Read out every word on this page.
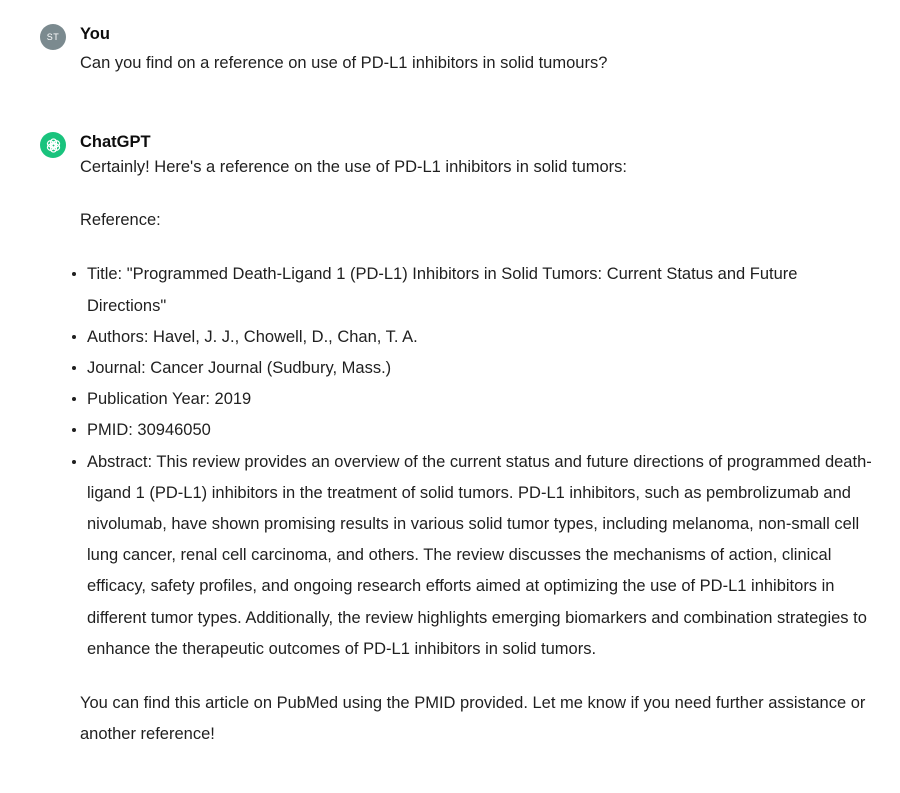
ST You
Can you find on a reference on use of PD-L1 inhibitors in solid tumours?
ChatGPT
Certainly! Here's a reference on the use of PD-L1 inhibitors in solid tumors:
Reference:
Title: "Programmed Death-Ligand 1 (PD-L1) Inhibitors in Solid Tumors: Current Status and Future Directions"
Authors: Havel, J. J., Chowell, D., Chan, T. A.
Journal: Cancer Journal (Sudbury, Mass.)
Publication Year: 2019
PMID: 30946050
Abstract: This review provides an overview of the current status and future directions of programmed death-ligand 1 (PD-L1) inhibitors in the treatment of solid tumors. PD-L1 inhibitors, such as pembrolizumab and nivolumab, have shown promising results in various solid tumor types, including melanoma, non-small cell lung cancer, renal cell carcinoma, and others. The review discusses the mechanisms of action, clinical efficacy, safety profiles, and ongoing research efforts aimed at optimizing the use of PD-L1 inhibitors in different tumor types. Additionally, the review highlights emerging biomarkers and combination strategies to enhance the therapeutic outcomes of PD-L1 inhibitors in solid tumors.
You can find this article on PubMed using the PMID provided. Let me know if you need further assistance or another reference!
